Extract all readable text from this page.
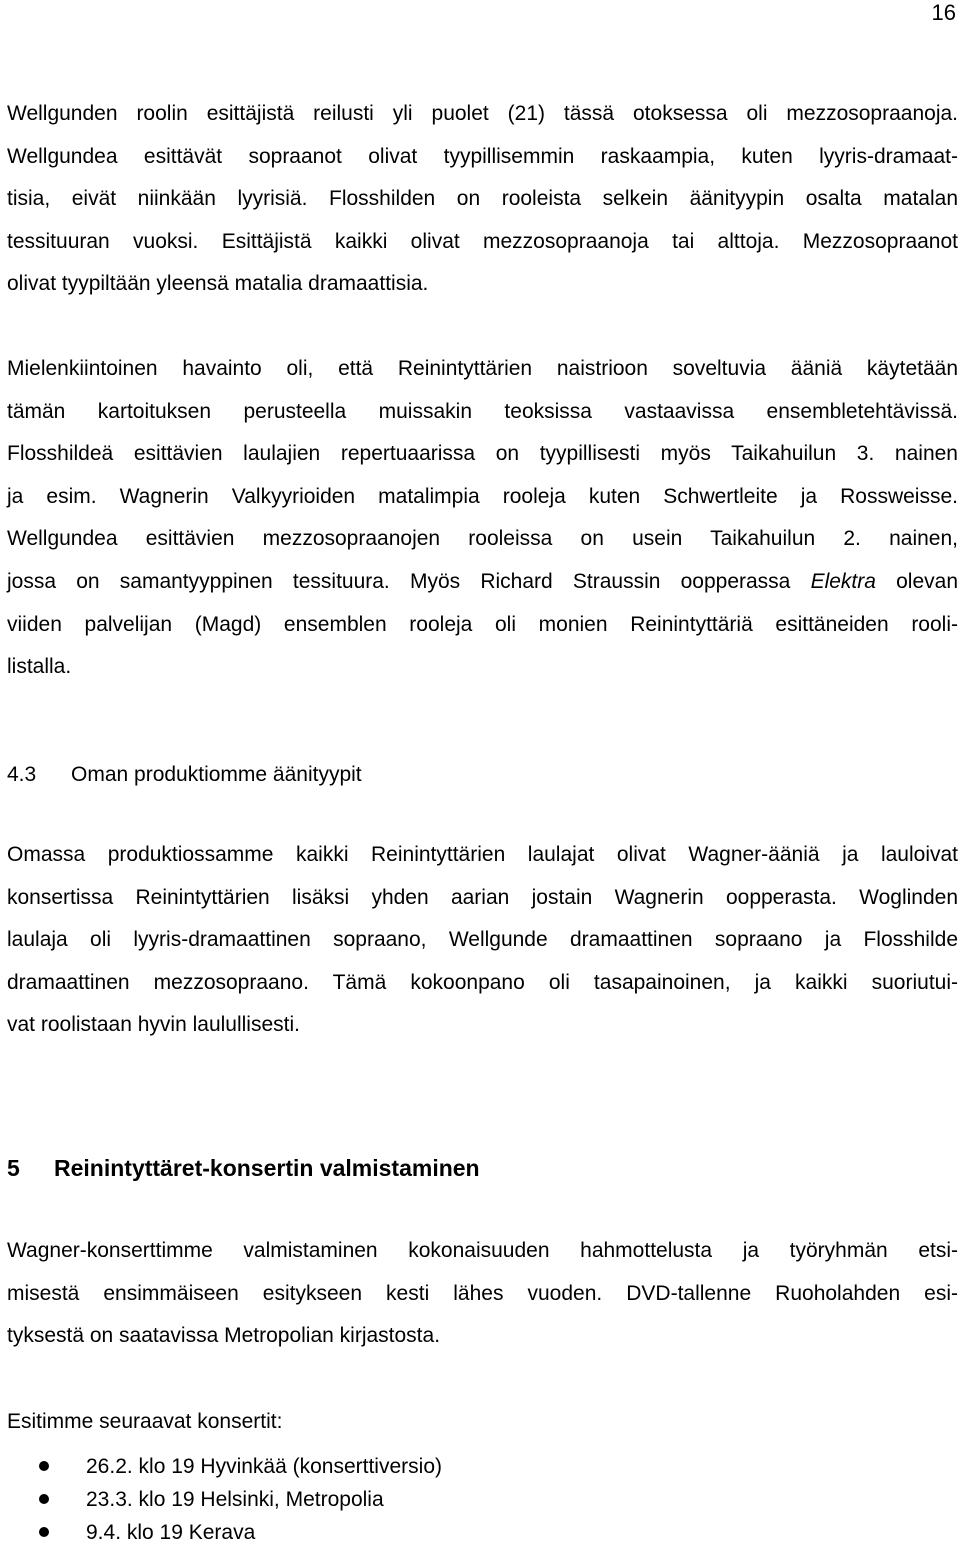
16
Wellgunden roolin esittäjistä reilusti yli puolet (21) tässä otoksessa oli mezzosopraanoja.
Wellgundea esittävät sopraanot olivat tyypillisemmin raskaampia, kuten lyyris-dramaat-
tisia, eivät niinkään lyyrisiä. Flosshilden on rooleista selkein äänityypin osalta matalan
tessituuran vuoksi. Esittäjistä kaikki olivat mezzosopraanoja tai alttoja. Mezzosopraanot
olivat tyypiltään yleensä matalia dramaattisia.
Mielenkiintoinen havainto oli, että Reinintyttärien naistrioon soveltuvia ääniä käytetään
tämän kartoituksen perusteella muissakin teoksissa vastaavissa ensembletehtävissä.
Flosshildeä esittävien laulajien repertuaarissa on tyypillisesti myös Taikahuilun 3. nainen
ja esim. Wagnerin Valkyyrioiden matalimpia rooleja kuten Schwertleite ja Rossweisse.
Wellgundea esittävien mezzosopraanojen rooleissa on usein Taikahuilun 2. nainen,
jossa on samantyyppinen tessituura. Myös Richard Straussin oopperassa Elektra olevan
viiden palvelijan (Magd) ensemblen rooleja oli monien Reinintyttäriä esittäneiden rooli-
listalla.
4.3 Oman produktiomme äänityypit
Omassa produktiossamme kaikki Reinintyttärien laulajat olivat Wagner-ääniä ja lauloivat
konsertissa Reinintyttärien lisäksi yhden aarian jostain Wagnerin oopperasta. Woglinden
laulaja oli lyyris-dramaattinen sopraano, Wellgunde dramaattinen sopraano ja Flosshilde
dramaattinen mezzosopraano. Tämä kokoonpano oli tasapainoinen, ja kaikki suoriutui-
vat roolistaan hyvin laulullisesti.
5 Reinintyttäret-konsertin valmistaminen
Wagner-konserttimme valmistaminen kokonaisuuden hahmottelusta ja työryhmän etsi-
misestä ensimmäiseen esitykseen kesti lähes vuoden. DVD-tallenne Ruoholahden esi-
tyksestä on saatavissa Metropolian kirjastosta.

Esitimme seuraavat konsertit:

26.2. klo 19 Hyvinkää (konserttiversio)
23.3. klo 19 Helsinki, Metropolia
9.4. klo 19 Kerava
